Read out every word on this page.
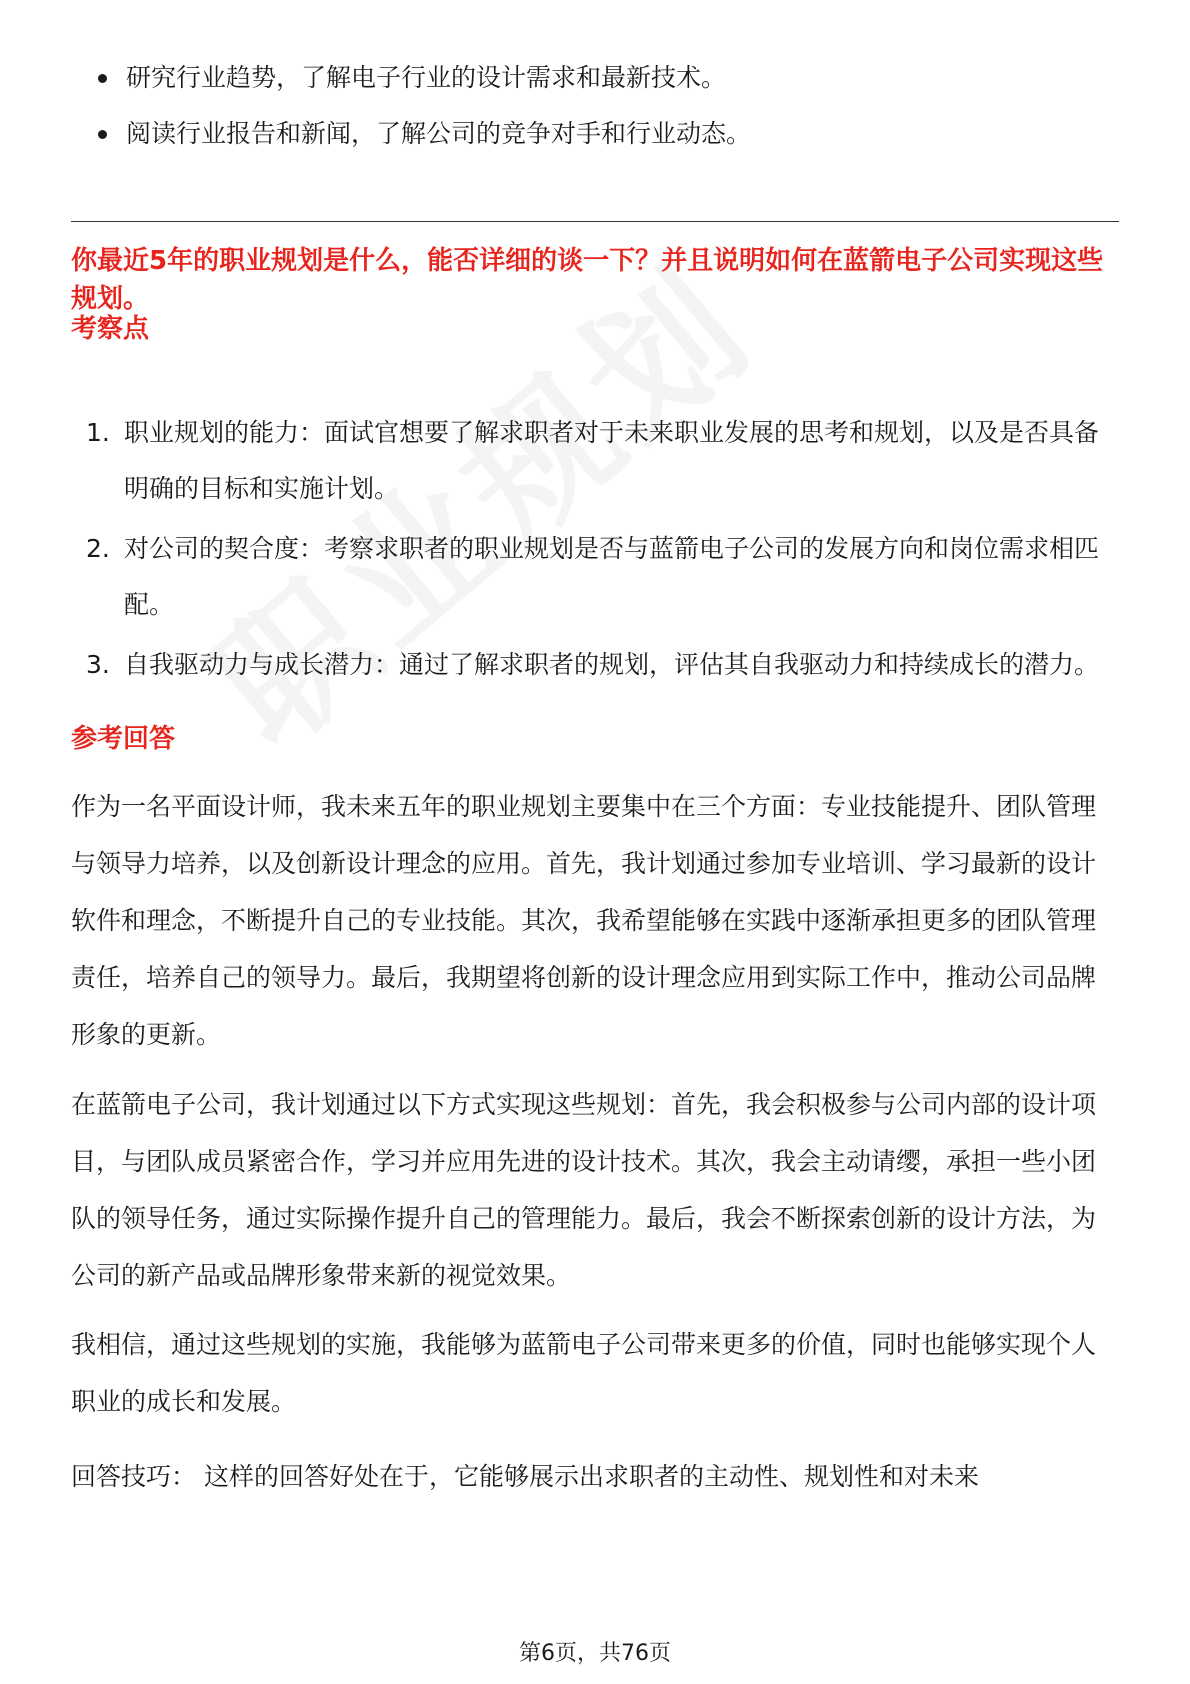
研究行业趋势，了解电子行业的设计需求和最新技术。
阅读行业报告和新闻，了解公司的竞争对手和行业动态。
你最近5年的职业规划是什么，能否详细的谈一下？并且说明如何在蓝箭电子公司实现这些规划。
考察点
1. 职业规划的能力：面试官想要了解求职者对于未来职业发展的思考和规划，以及是否具备明确的目标和实施计划。
2. 对公司的契合度：考察求职者的职业规划是否与蓝箭电子公司的发展方向和岗位需求相匹配。
3. 自我驱动力与成长潜力：通过了解求职者的规划，评估其自我驱动力和持续成长的潜力。
参考回答

作为一名平面设计师，我未来五年的职业规划主要集中在三个方面：专业技能提升、团队管理与领导力培养，以及创新设计理念的应用。首先，我计划通过参加专业培训、学习最新的设计软件和理念，不断提升自己的专业技能。其次，我希望能够在实践中逐渐承担更多的团队管理责任，培养自己的领导力。最后，我期望将创新的设计理念应用到实际工作中，推动公司品牌形象的更新。

在蓝箭电子公司，我计划通过以下方式实现这些规划：首先，我会积极参与公司内部的设计项目，与团队成员紧密合作，学习并应用先进的设计技术。其次，我会主动请缨，承担一些小团队的领导任务，通过实际操作提升自己的管理能力。最后，我会不断探索创新的设计方法，为公司的新产品或品牌形象带来新的视觉效果。

我相信，通过这些规划的实施，我能够为蓝箭电子公司带来更多的价值，同时也能够实现个人职业的成长和发展。

回答技巧： 这样的回答好处在于，它能够展示出求职者的主动性、规划性和对未来

第6页，共76页
